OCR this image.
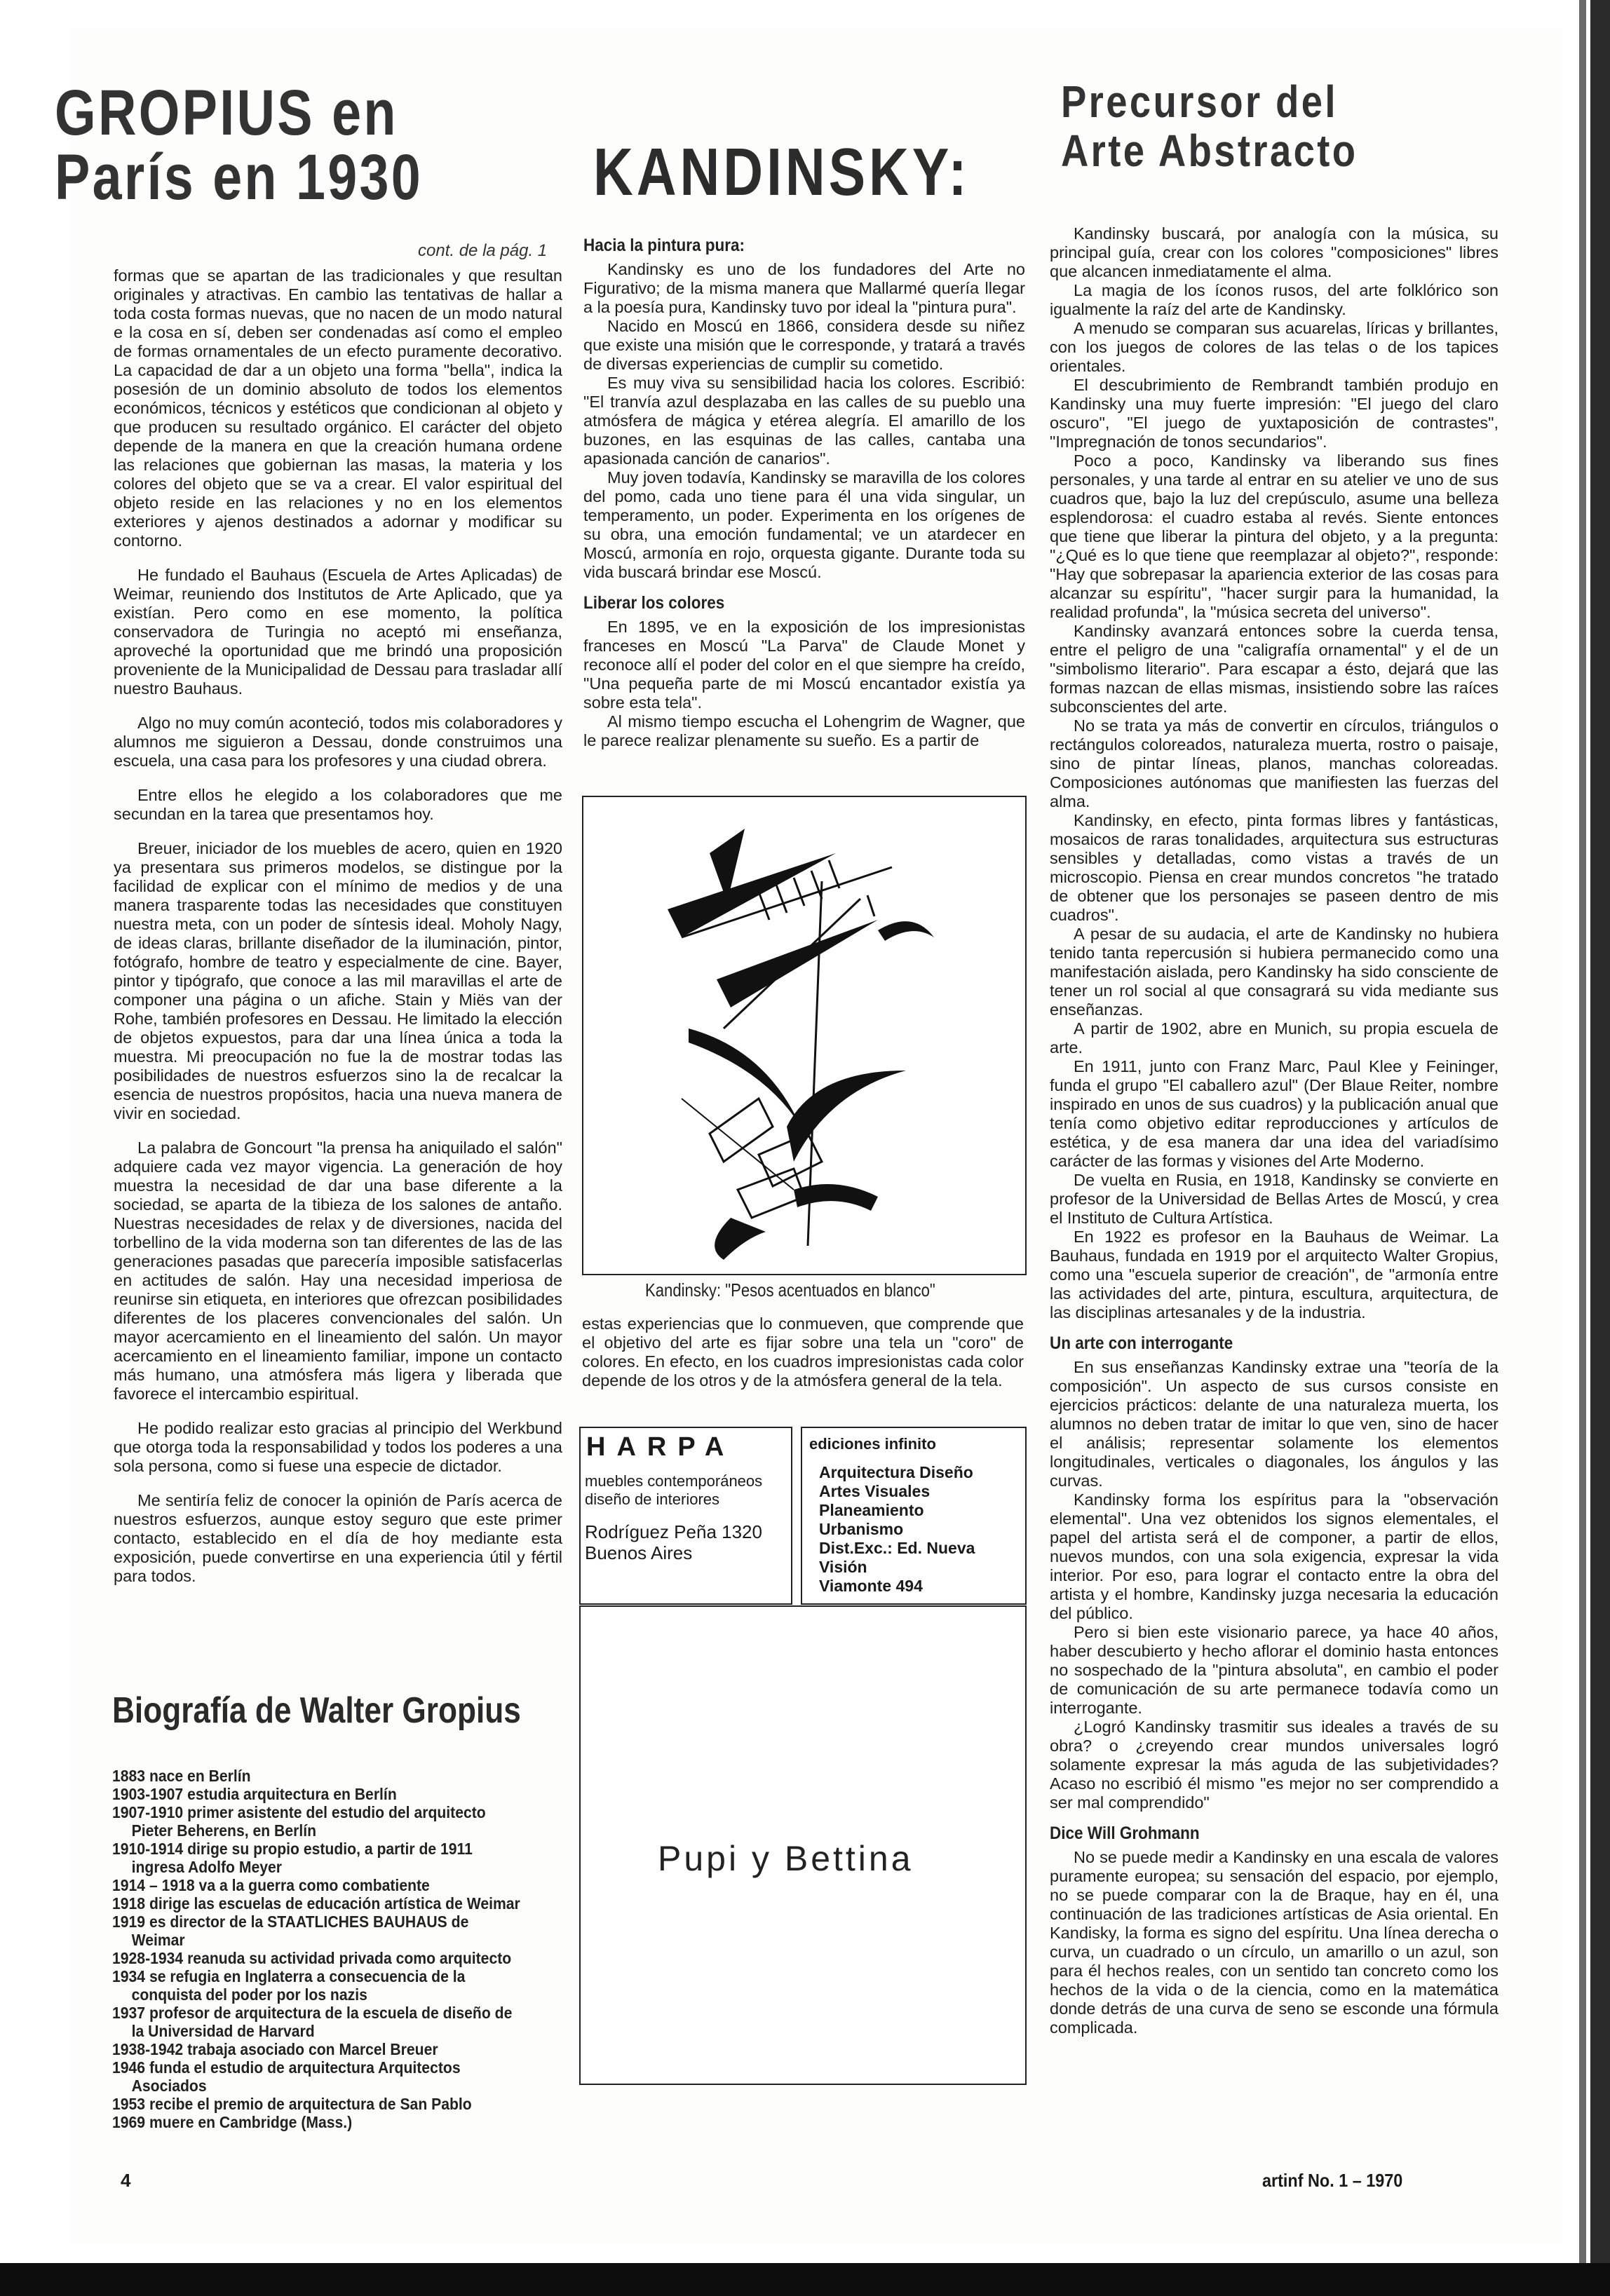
GROPIUS en París en 1930	KANDINSKY:
Precursor del Arte Abstracto
cont. de la pág. 1

formas que se apartan de las tradicionales y que resultan originales y atractivas. En cambio las tentativas de hallar a toda costa formas nuevas, que no nacen de un modo natural e la cosa en sí, deben ser condenadas así como el empleo de formas ornamentales de un efecto puramente decorativo. La capacidad de dar a un objeto una forma "bella", indica la posesión de un dominio absoluto de todos los elementos económicos, técnicos y estéticos que condicionan al objeto y que producen su resultado orgánico. El carácter del objeto depende de la manera en que la creación humana ordene las relaciones que gobiernan las masas, la materia y los colores del objeto que se va a crear. El valor espiritual del objeto reside en las relaciones y no en los elementos exteriores y ajenos destinados a adornar y modificar su contorno.

He fundado el Bauhaus (Escuela de Artes Aplicadas) de Weimar, reuniendo dos Institutos de Arte Aplicado, que ya existían. Pero como en ese momento, la política conservadora de Turingia no aceptó mi enseñanza, aproveché la oportunidad que me brindó una proposición proveniente de la Municipalidad de Dessau para trasladar allí nuestro Bauhaus.

Algo no muy común aconteció, todos mis colaboradores y alumnos me siguieron a Dessau, donde construimos una escuela, una casa para los profesores y una ciudad obrera.

Entre ellos he elegido a los colaboradores que me secundan en la tarea que presentamos hoy.

Breuer, iniciador de los muebles de acero, quien en 1920 ya presentara sus primeros modelos, se distingue por la facilidad de explicar con el mínimo de medios y de una manera trasparente todas las necesidades que constituyen nuestra meta, con un poder de síntesis ideal. Moholy Nagy, de ideas claras, brillante diseñador de la iluminación, pintor, fotógrafo, hombre de teatro y especialmente de cine. Bayer, pintor y tipógrafo, que conoce a las mil maravillas el arte de componer una página o un afiche. Stain y Miës van der Rohe, también profesores en Dessau. He limitado la elección de objetos expuestos, para dar una línea única a toda la muestra. Mi preocupación no fue la de mostrar todas las posibilidades de nuestros esfuerzos sino la de recalcar la esencia de nuestros propósitos, hacia una nueva manera de vivir en sociedad.

La palabra de Goncourt "la prensa ha aniquilado el salón" adquiere cada vez mayor vigencia. La generación de hoy muestra la necesidad de dar una base diferente a la sociedad, se aparta de la tibieza de los salones de antaño. Nuestras necesidades de relax y de diversiones, nacida del torbellino de la vida moderna son tan diferentes de las de las generaciones pasadas que parecería imposible satisfacerlas en actitudes de salón. Hay una necesidad imperiosa de reunirse sin etiqueta, en interiores que ofrezcan posibilidades diferentes de los placeres convencionales del salón. Un mayor acercamiento en el lineamiento del salón. Un mayor acercamiento en el lineamiento familiar, impone un contacto más humano, una atmósfera más ligera y liberada que favorece el intercambio espiritual.

He podido realizar esto gracias al principio del Werkbund que otorga toda la responsabilidad y todos los poderes a una sola persona, como si fuese una especie de dictador.

Me sentiría feliz de conocer la opinión de París acerca de nuestros esfuerzos, aunque estoy seguro que este primer contacto, establecido en el día de hoy mediante esta exposición, puede convertirse en una experiencia útil y fértil para todos.

Biografía de Walter Gropius
1883 nace en Berlín
1903-1907 estudia arquitectura en Berlín
1907-1910 primer asistente del estudio del arquitecto Pieter Beherens, en Berlín
1910-1914 dirige su propio estudio, a partir de 1911 ingresa Adolfo Meyer
1914 – 1918 va a la guerra como combatiente
1918 dirige las escuelas de educación artística de Weimar
1919 es director de la STAATLICHES BAUHAUS de Weimar
1928-1934 reanuda su actividad privada como arquitecto
1934 se refugia en Inglaterra a consecuencia de la conquista del poder por los nazis
1937 profesor de arquitectura de la escuela de diseño de la Universidad de Harvard
1938-1942 trabaja asociado con Marcel Breuer
1946 funda el estudio de arquitectura Arquitectos Asociados
1953 recibe el premio de arquitectura de San Pablo
1969 muere en Cambridge (Mass.)
Hacia la pintura pura:

Kandinsky es uno de los fundadores del Arte no Figurativo; de la misma manera que Mallarmé quería llegar a la poesía pura, Kandinsky tuvo por ideal la "pintura pura".

Nacido en Moscú en 1866, considera desde su niñez que existe una misión que le corresponde, y tratará a través de diversas experiencias de cumplir su cometido.

Es muy viva su sensibilidad hacia los colores. Escribió: "El tranvía azul desplazaba en las calles de su pueblo una atmósfera de mágica y etérea alegría. El amarillo de los buzones, en las esquinas de las calles, cantaba una apasionada canción de canarios".

Muy joven todavía, Kandinsky se maravilla de los colores del pomo, cada uno tiene para él una vida singular, un temperamento, un poder. Experimenta en los orígenes de su obra, una emoción fundamental; ve un atardecer en Moscú, armonía en rojo, orquesta gigante. Durante toda su vida buscará brindar ese Moscú.

Liberar los colores

En 1895, ve en la exposición de los impresionistas franceses en Moscú "La Parva" de Claude Monet y reconoce allí el poder del color en el que siempre ha creído, "Una pequeña parte de mi Moscú encantador existía ya sobre esta tela".

Al mismo tiempo escucha el Lohengrim de Wagner, que le parece realizar plenamente su sueño. Es a partir de

Kandinsky: "Pesos acentuados en blanco"

estas experiencias que lo conmueven, que comprende que el objetivo del arte es fijar sobre una tela un "coro" de colores. En efecto, en los cuadros impresionistas cada color depende de los otros y de la atmósfera general de la tela.

HARPA
muebles contemporáneos
diseño de interiores
Rodríguez Peña 1320
Buenos Aires
ediciones infinito
Arquitectura Diseño
Artes Visuales
Planeamiento
Urbanismo
Dist.Exc.: Ed. Nueva Visión
Viamonte 494
Pupi y Bettina

Kandinsky buscará, por analogía con la música, su principal guía, crear con los colores "composiciones" libres que alcancen inmediatamente el alma.

La magia de los íconos rusos, del arte folklórico son igualmente la raíz del arte de Kandinsky.

A menudo se comparan sus acuarelas, líricas y brillantes, con los juegos de colores de las telas o de los tapices orientales.

El descubrimiento de Rembrandt también produjo en Kandinsky una muy fuerte impresión: "El juego del claro oscuro", "El juego de yuxtaposición de contrastes", "Impregnación de tonos secundarios".

Poco a poco, Kandinsky va liberando sus fines personales, y una tarde al entrar en su atelier ve uno de sus cuadros que, bajo la luz del crepúsculo, asume una belleza esplendorosa: el cuadro estaba al revés. Siente entonces que tiene que liberar la pintura del objeto, y a la pregunta: "¿Qué es lo que tiene que reemplazar al objeto?", responde: "Hay que sobrepasar la apariencia exterior de las cosas para alcanzar su espíritu", "hacer surgir para la humanidad, la realidad profunda", la "música secreta del universo".

Kandinsky avanzará entonces sobre la cuerda tensa, entre el peligro de una "caligrafía ornamental" y el de un "simbolismo literario". Para escapar a ésto, dejará que las formas nazcan de ellas mismas, insistiendo sobre las raíces subconscientes del arte.

No se trata ya más de convertir en círculos, triángulos o rectángulos coloreados, naturaleza muerta, rostro o paisaje, sino de pintar líneas, planos, manchas coloreadas. Composiciones autónomas que manifiesten las fuerzas del alma.

Kandinsky, en efecto, pinta formas libres y fantásticas, mosaicos de raras tonalidades, arquitectura sus estructuras sensibles y detalladas, como vistas a través de un microscopio. Piensa en crear mundos concretos "he tratado de obtener que los personajes se paseen dentro de mis cuadros".

A pesar de su audacia, el arte de Kandinsky no hubiera tenido tanta repercusión si hubiera permanecido como una manifestación aislada, pero Kandinsky ha sido consciente de tener un rol social al que consagrará su vida mediante sus enseñanzas.

A partir de 1902, abre en Munich, su propia escuela de arte.

En 1911, junto con Franz Marc, Paul Klee y Feininger, funda el grupo "El caballero azul" (Der Blaue Reiter, nombre inspirado en unos de sus cuadros) y la publicación anual que tenía como objetivo editar reproducciones y artículos de estética, y de esa manera dar una idea del variadísimo carácter de las formas y visiones del Arte Moderno.

De vuelta en Rusia, en 1918, Kandinsky se convierte en profesor de la Universidad de Bellas Artes de Moscú, y crea el Instituto de Cultura Artística.

En 1922 es profesor en la Bauhaus de Weimar. La Bauhaus, fundada en 1919 por el arquitecto Walter Gropius, como una "escuela superior de creación", de "armonía entre las actividades del arte, pintura, escultura, arquitectura, de las disciplinas artesanales y de la industria.

Un arte con interrogante

En sus enseñanzas Kandinsky extrae una "teoría de la composición". Un aspecto de sus cursos consiste en ejercicios prácticos: delante de una naturaleza muerta, los alumnos no deben tratar de imitar lo que ven, sino de hacer el análisis; representar solamente los elementos longitudinales, verticales o diagonales, los ángulos y las curvas.

Kandinsky forma los espíritus para la "observación elemental". Una vez obtenidos los signos elementales, el papel del artista será el de componer, a partir de ellos, nuevos mundos, con una sola exigencia, expresar la vida interior. Por eso, para lograr el contacto entre la obra del artista y el hombre, Kandinsky juzga necesaria la educación del público.

Pero si bien este visionario parece, ya hace 40 años, haber descubierto y hecho aflorar el dominio hasta entonces no sospechado de la "pintura absoluta", en cambio el poder de comunicación de su arte permanece todavía como un interrogante.

¿Logró Kandinsky trasmitir sus ideales a través de su obra? o ¿creyendo crear mundos universales logró solamente expresar la más aguda de las subjetividades? Acaso no escribió él mismo "es mejor no ser comprendido a ser mal comprendido"

Dice Will Grohmann

No se puede medir a Kandinsky en una escala de valores puramente europea; su sensación del espacio, por ejemplo, no se puede comparar con la de Braque, hay en él, una continuación de las tradiciones artísticas de Asia oriental. En Kandisky, la forma es signo del espíritu. Una línea derecha o curva, un cuadrado o un círculo, un amarillo o un azul, son para él hechos reales, con un sentido tan concreto como los hechos de la vida o de la ciencia, como en la matemática donde detrás de una curva de seno se esconde una fórmula complicada.

4	artinf No. 1 – 1970
